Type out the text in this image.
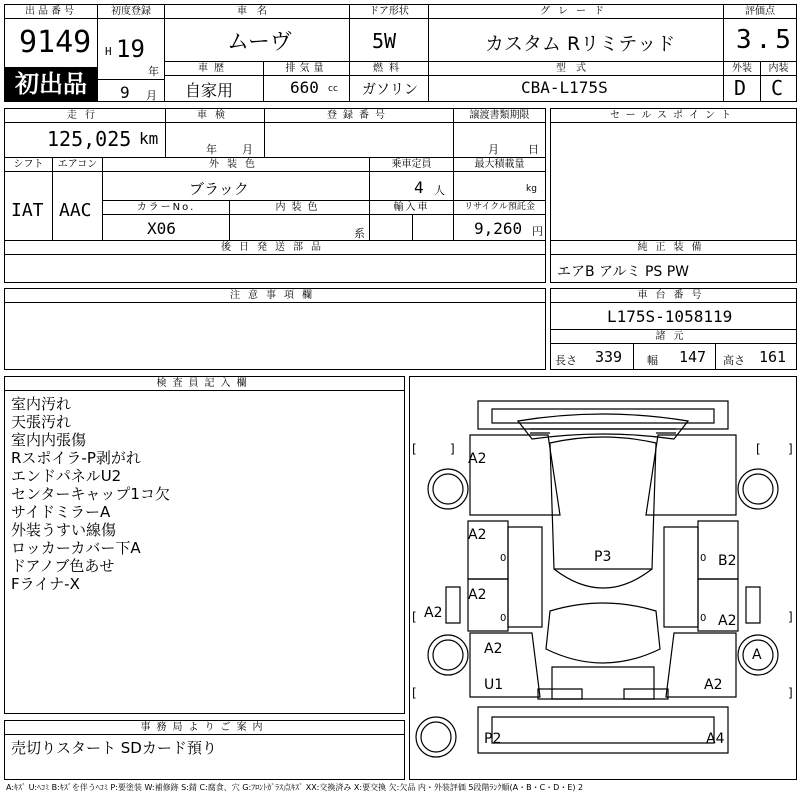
出品番号
9149
初出品
初度登録
H 19
年
9 月
車名
ムーヴ
ドア形状
5W
グレード
カスタム Rリミテッド
評価点
3.5
車歴
自家用
排気量
660 cc
燃料
ガソリン
型式
CBA-L175S
外装
D
内装
C
走行
125,025 km
車検
年 月
登録番号	譲渡書類期限
月	日
シフト
IAT
エアコン
AAC
外装色
ブラック
乗車定員
4 人
最大積載量
kg
カラーNo.
X06
内装色
系
輸入車	リサイクル預託金
9,260 円
後日発送部品
セールスポイント
純正装備
エアB アルミ PS PW
注意事項欄	車台番号
L175S-1058119
諸元
長さ 339 幅 147 高さ 161
検査員記入欄
室内汚れ
天張汚れ
室内内張傷
Rスポイラ-P剥がれ
エンドパネルU2
センターキャップ1コ欠
サイドミラーA
外装うすい線傷
ロッカーカバー下A
ドアノブ色あせ
Fライナ-X
[	]	[ ]
[	]
[	]
A2
A2
A2
B2
A2
A2
A2	A
U1	A2
P2	A4
P3
0
0
0
0
事務局よりご案内
売切りスタート SDカード預り
A:ｷｽﾞ U:ﾍｺﾐ B:ｷｽﾞを伴うﾍｺﾐ P:要塗装 W:補修跡 S:錆 C:腐食、穴 G:ﾌﾛﾝﾄｶﾞﾗｽ点ｷｽﾞ XX:交換済み X:要交換 欠:欠品 内・外装評価 5段階ﾗﾝｸ順(A・B・C・D・E) 2
